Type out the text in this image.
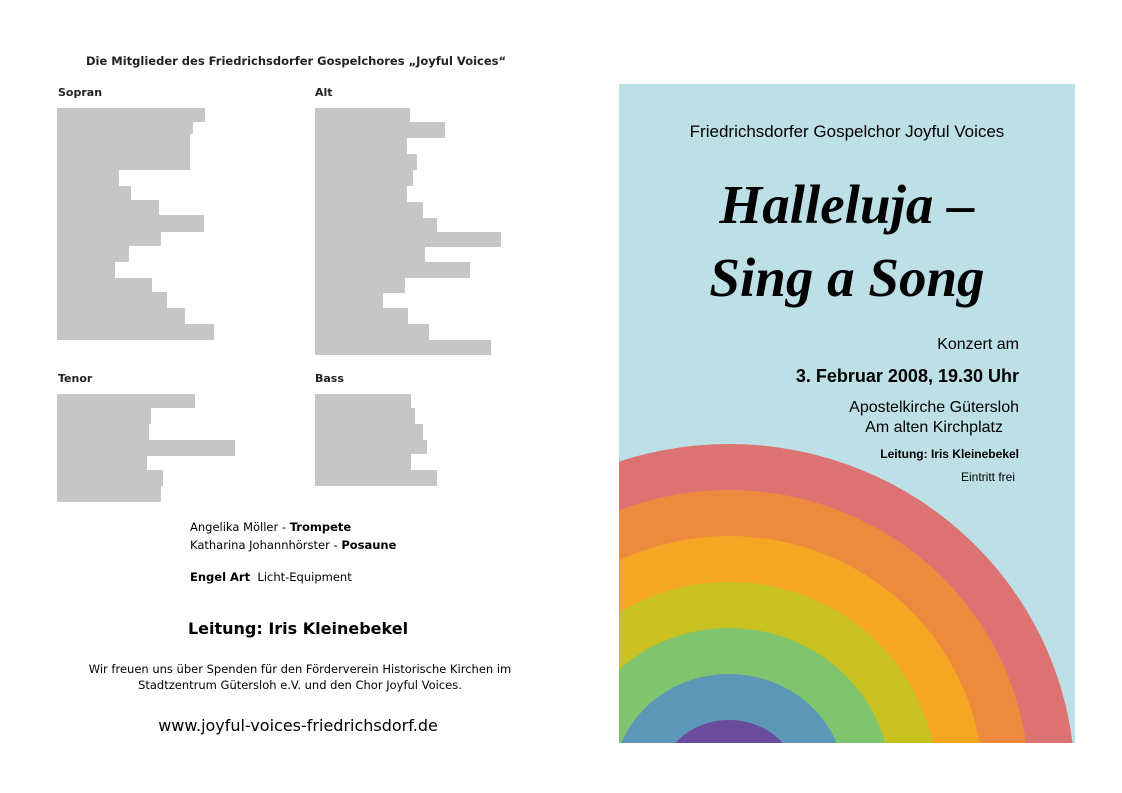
Die Mitglieder des Friedrichsdorfer Gospelchores „Joyful Voices“
Sopran	Alt
Tenor	Bass
Angelika Möller - Trompete
Katharina Johannhörster - Posaune
Engel Art Licht-Equipment
Leitung: Iris Kleinebekel
Wir freuen uns über Spenden für den Förderverein Historische Kirchen im
Stadtzentrum Gütersloh e.V. und den Chor Joyful Voices.
www.joyful-voices-friedrichsdorf.de
Friedrichsdorfer Gospelchor Joyful Voices
Halleluja –
Sing a Song
Konzert am
3. Februar 2008, 19.30 Uhr
Apostelkirche Gütersloh
Am alten Kirchplatz
Leitung: Iris Kleinebekel
Eintritt frei
